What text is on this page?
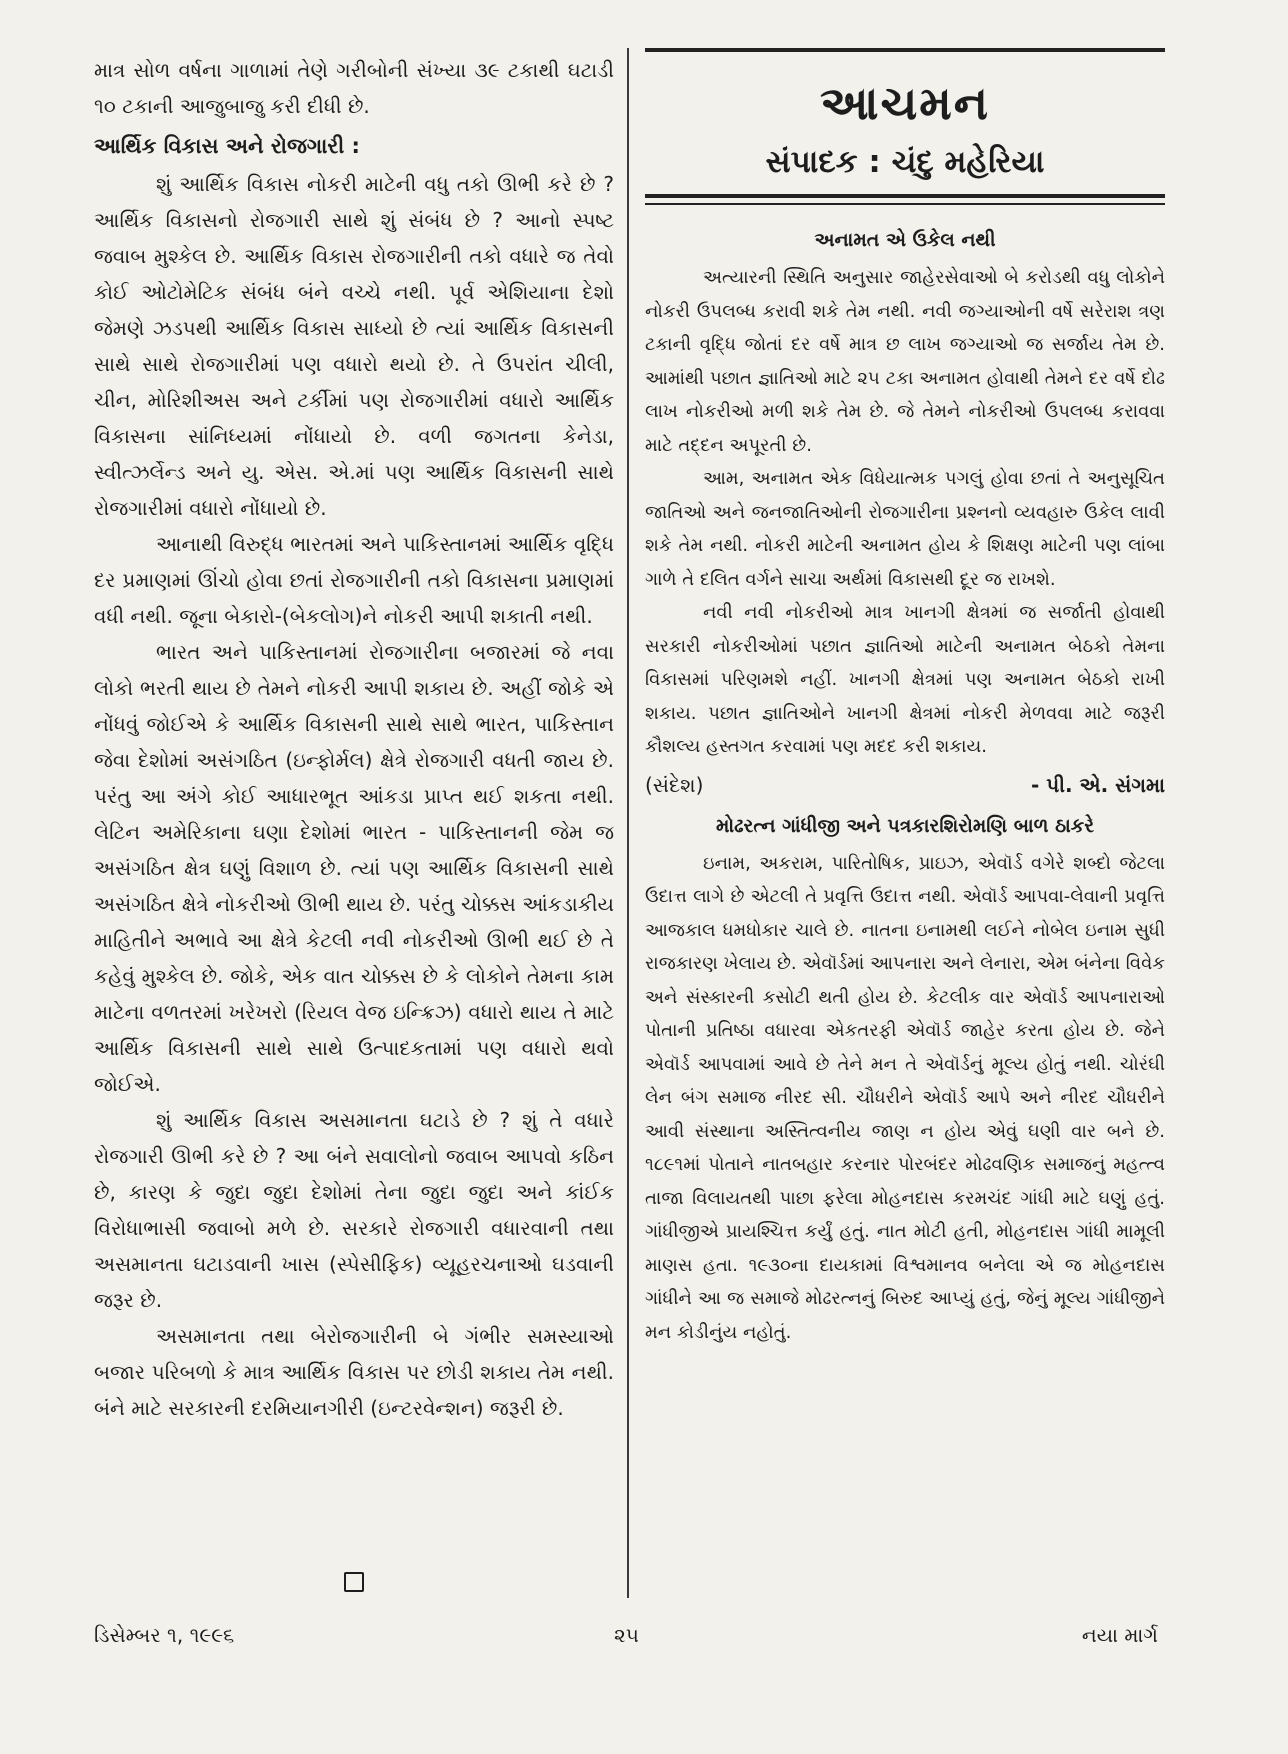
માત્ર સોળ વર્ષના ગાળામાં તેણે ગરીબોની સંખ્યા ૩૯ ટકાથી ઘટાડી ૧૦ ટકાની આજુબાજુ કરી દીધી છે.

આર્થિક વિકાસ અને રોજગારી :

શું આર્થિક વિકાસ નોકરી માટેની વધુ તકો ઊભી કરે છે ? આર્થિક વિકાસનો રોજગારી સાથે શું સંબંધ છે ? આનો સ્પષ્ટ જવાબ મુશ્કેલ છે. આર્થિક વિકાસ રોજગારીની તકો વધારે જ તેવો કોઈ ઓટોમેટિક સંબંધ બંને વચ્ચે નથી. પૂર્વ એશિયાના દેશો જેમણે ઝડપથી આર્થિક વિકાસ સાધ્યો છે ત્યાં આર્થિક વિકાસની સાથે સાથે રોજગારીમાં પણ વધારો થયો છે. તે ઉપરાંત ચીલી, ચીન, મોરિશીઅસ અને ટર્કીમાં પણ રોજગારીમાં વધારો આર્થિક વિકાસના સાંનિધ્યમાં નોંધાયો છે. વળી જગતના કેનેડા, સ્વીત્ઝર્લેન્ડ અને યુ. એસ. એ.માં પણ આર્થિક વિકાસની સાથે રોજગારીમાં વધારો નોંધાયો છે.

આનાથી વિરુદ્ધ ભારતમાં અને પાકિસ્તાનમાં આર્થિક વૃદ્ધિ દર પ્રમાણમાં ઊંચો હોવા છતાં રોજગારીની તકો વિકાસના પ્રમાણમાં વધી નથી. જૂના બેકારો-(બેકલોગ)ને નોકરી આપી શકાતી નથી.

ભારત અને પાકિસ્તાનમાં રોજગારીના બજારમાં જે નવા લોકો ભરતી થાય છે તેમને નોકરી આપી શકાય છે. અહીં જોકે એ નોંધવું જોઈએ કે આર્થિક વિકાસની સાથે સાથે ભારત, પાકિસ્તાન જેવા દેશોમાં અસંગઠિત (ઇન્ફોર્મલ) ક્ષેત્રે રોજગારી વધતી જાય છે. પરંતુ આ અંગે કોઈ આધારભૂત આંકડા પ્રાપ્ત થઈ શકતા નથી. લેટિન અમેરિકાના ઘણા દેશોમાં ભારત - પાકિસ્તાનની જેમ જ અસંગઠિત ક્ષેત્ર ઘણું વિશાળ છે. ત્યાં પણ આર્થિક વિકાસની સાથે અસંગઠિત ક્ષેત્રે નોકરીઓ ઊભી થાય છે. પરંતુ ચોક્કસ આંકડાકીય માહિતીને અભાવે આ ક્ષેત્રે કેટલી નવી નોકરીઓ ઊભી થઈ છે તે કહેવું મુશ્કેલ છે. જોકે, એક વાત ચોક્કસ છે કે લોકોને તેમના કામ માટેના વળતરમાં ખરેખરો (રિયલ વેજ ઇન્ક્રિઝ) વધારો થાય તે માટે આર્થિક વિકાસની સાથે સાથે ઉત્પાદકતામાં પણ વધારો થવો જોઈએ.

શું આર્થિક વિકાસ અસમાનતા ઘટાડે છે ? શું તે વધારે રોજગારી ઊભી કરે છે ? આ બંને સવાલોનો જવાબ આપવો કઠિન છે, કારણ કે જુદા જુદા દેશોમાં તેના જુદા જુદા અને કાંઈક વિરોધાભાસી જવાબો મળે છે. સરકારે રોજગારી વધારવાની તથા અસમાનતા ઘટાડવાની ખાસ (સ્પેસીફિક) વ્યૂહરચનાઓ ઘડવાની જરૂર છે.

અસમાનતા તથા બેરોજગારીની બે ગંભીર સમસ્યાઓ બજાર પરિબળો કે માત્ર આર્થિક વિકાસ પર છોડી શકાય તેમ નથી. બંને માટે સરકારની દરમિયાનગીરી (ઇન્ટરવેન્શન) જરૂરી છે.

આચમન
સંપાદક : ચંદુ મહેરિયા
અનામત એ ઉકેલ નથી

અત્યારની સ્થિતિ અનુસાર જાહેરસેવાઓ બે કરોડથી વધુ લોકોને નોકરી ઉપલબ્ધ કરાવી શકે તેમ નથી. નવી જગ્યાઓની વર્ષે સરેરાશ ત્રણ ટકાની વૃદ્ધિ જોતાં દર વર્ષે માત્ર છ લાખ જગ્યાઓ જ સર્જાય તેમ છે. આમાંથી પછાત જ્ઞાતિઓ માટે ૨૫ ટકા અનામત હોવાથી તેમને દર વર્ષે દોઢ લાખ નોકરીઓ મળી શકે તેમ છે. જે તેમને નોકરીઓ ઉપલબ્ધ કરાવવા માટે તદ્દન અપૂરતી છે.

આમ, અનામત એક વિધેયાત્મક પગલું હોવા છતાં તે અનુસૂચિત જાતિઓ અને જનજાતિઓની રોજગારીના પ્રશ્નનો વ્યવહારુ ઉકેલ લાવી શકે તેમ નથી. નોકરી માટેની અનામત હોય કે શિક્ષણ માટેની પણ લાંબા ગાળે તે દલિત વર્ગને સાચા અર્થમાં વિકાસથી દૂર જ રાખશે.

નવી નવી નોકરીઓ માત્ર ખાનગી ક્ષેત્રમાં જ સર્જાતી હોવાથી સરકારી નોકરીઓમાં પછાત જ્ઞાતિઓ માટેની અનામત બેઠકો તેમના વિકાસમાં પરિણમશે નહીં. ખાનગી ક્ષેત્રમાં પણ અનામત બેઠકો રાખી શકાય. પછાત જ્ઞાતિઓને ખાનગી ક્ષેત્રમાં નોકરી મેળવવા માટે જરૂરી કૌશલ્ય હસ્તગત કરવામાં પણ મદદ કરી શકાય.

(સંદેશ)	- પી. એ. સંગમા
મોઢરત્ન ગાંધીજી અને પત્રકારશિરોમણિ બાળ ઠાકરે

ઇનામ, અકરામ, પારિતોષિક, પ્રાઇઝ, એવૉર્ડ વગેરે શબ્દો જેટલા ઉદાત્ત લાગે છે એટલી તે પ્રવૃત્તિ ઉદાત્ત નથી. એવૉર્ડ આપવા-લેવાની પ્રવૃત્તિ આજકાલ ધમધોકાર ચાલે છે. નાતના ઇનામથી લઈને નોબેલ ઇનામ સુધી રાજકારણ ખેલાય છે. એવૉર્ડમાં આપનારા અને લેનારા, એમ બંનેના વિવેક અને સંસ્કારની કસોટી થતી હોય છે. કેટલીક વાર એવૉર્ડ આપનારાઓ પોતાની પ્રતિષ્ઠા વધારવા એકતરફી એવૉર્ડ જાહેર કરતા હોય છે. જેને એવૉર્ડ આપવામાં આવે છે તેને મન તે એવૉર્ડનું મૂલ્ય હોતું નથી. ચોરંઘી લેન બંગ સમાજ નીરદ સી. ચૌધરીને એવૉર્ડ આપે અને નીરદ ચૌધરીને આવી સંસ્થાના અસ્તિત્વનીય જાણ ન હોય એવું ઘણી વાર બને છે. ૧૮૯૧માં પોતાને નાતબહાર કરનાર પોરબંદર મોઢવણિક સમાજનું મહત્ત્વ તાજા વિલાયતથી પાછા ફરેલા મોહનદાસ કરમચંદ ગાંધી માટે ઘણું હતું. ગાંધીજીએ પ્રાયશ્ચિત્ત કર્યું હતું. નાત મોટી હતી, મોહનદાસ ગાંધી મામૂલી માણસ હતા. ૧૯૩૦ના દાયકામાં વિશ્વમાનવ બનેલા એ જ મોહનદાસ ગાંધીને આ જ સમાજે મોઢરત્નનું બિરુદ આપ્યું હતું, જેનું મૂલ્ય ગાંધીજીને મન કોડીનુંય નહોતું.

ડિસેમ્બર ૧, ૧૯૯૬	૨૫	નયા માર્ગ
